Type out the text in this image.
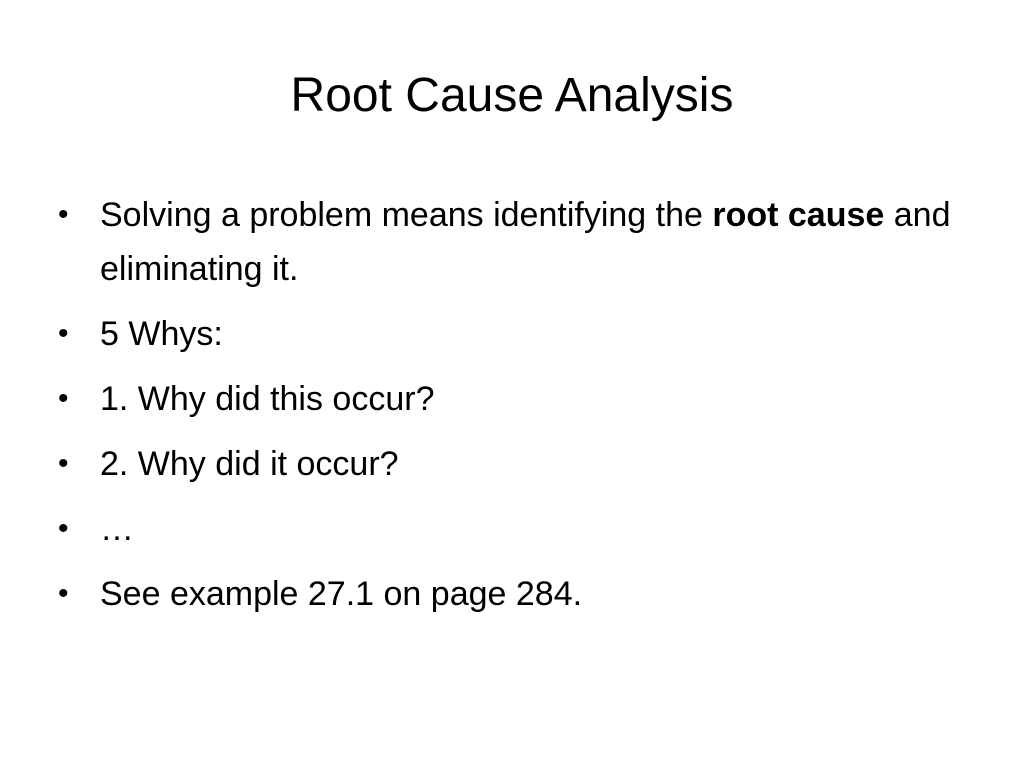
Root Cause Analysis
• Solving a problem means identifying the root cause and eliminating it.
• 5 Whys:
• 1. Why did this occur?
• 2. Why did it occur?
• …
• See example 27.1 on page 284.
